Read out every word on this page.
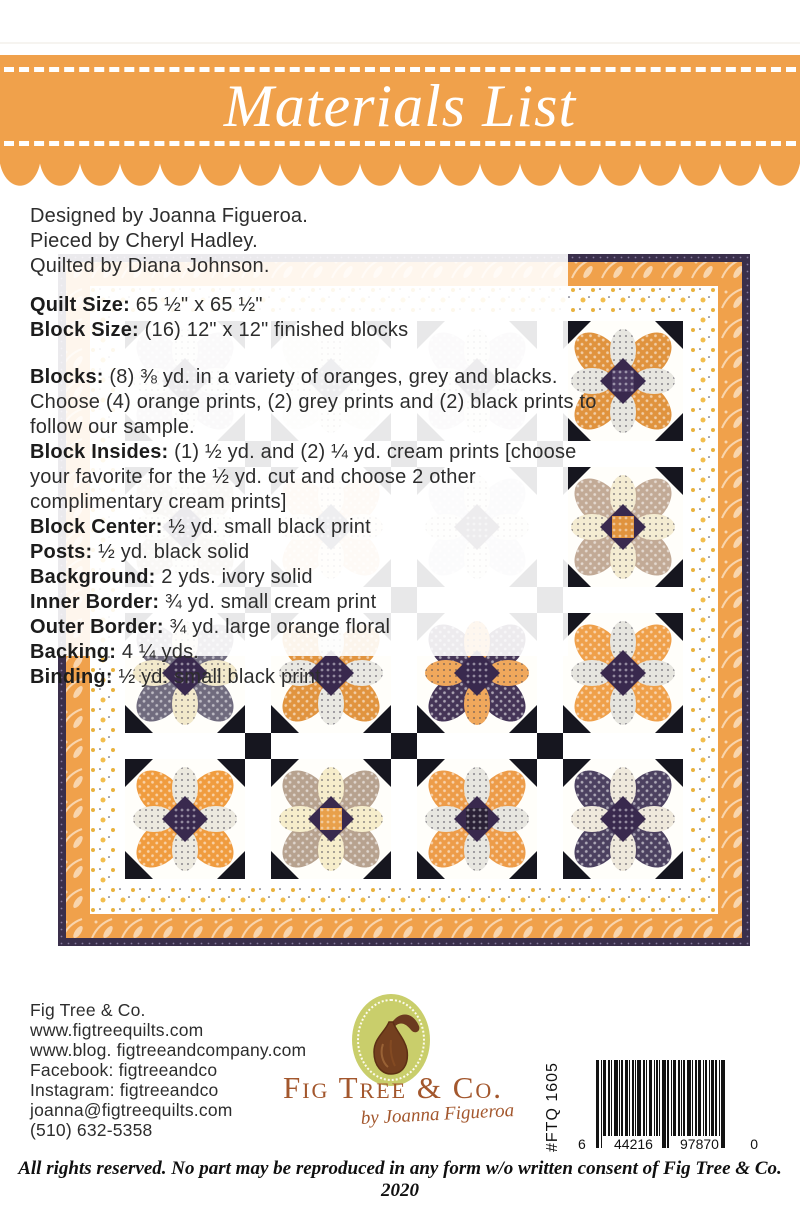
Materials List

Designed by Joanna Figueroa.

Pieced by Cheryl Hadley.

Quilted by Diana Johnson.

Quilt Size: 65 ½" x 65 ½"

Block Size: (16) 12" x 12" finished blocks

Blocks: (8) ⅜ yd. in a variety of oranges, grey and blacks. Choose (4) orange prints, (2) grey prints and (2) black prints to follow our sample.

Block Insides: (1) ½ yd. and (2) ¼ yd. cream prints [choose your favorite for the ½ yd. cut and choose 2 other complimentary cream prints]

Block Center: ½ yd. small black print

Posts: ½ yd. black solid

Background: 2 yds. ivory solid

Inner Border: ¾ yd. small cream print

Outer Border: ¾ yd. large orange floral

Backing: 4 ¼ yds.

Binding: ½ yd. small black print

Fig Tree & Co.

www.figtreequilts.com

www.blog. figtreeandcompany.com

Facebook: figtreeandco

Instagram: figtreeandco

joanna@figtreequilts.com

(510) 632-5358

Fig Tree & Co.
by Joanna Figueroa	#FTQ 1605 6 44216 97870 0
All rights reserved. No part may be reproduced in any form w/o written consent of Fig Tree & Co. 2020
